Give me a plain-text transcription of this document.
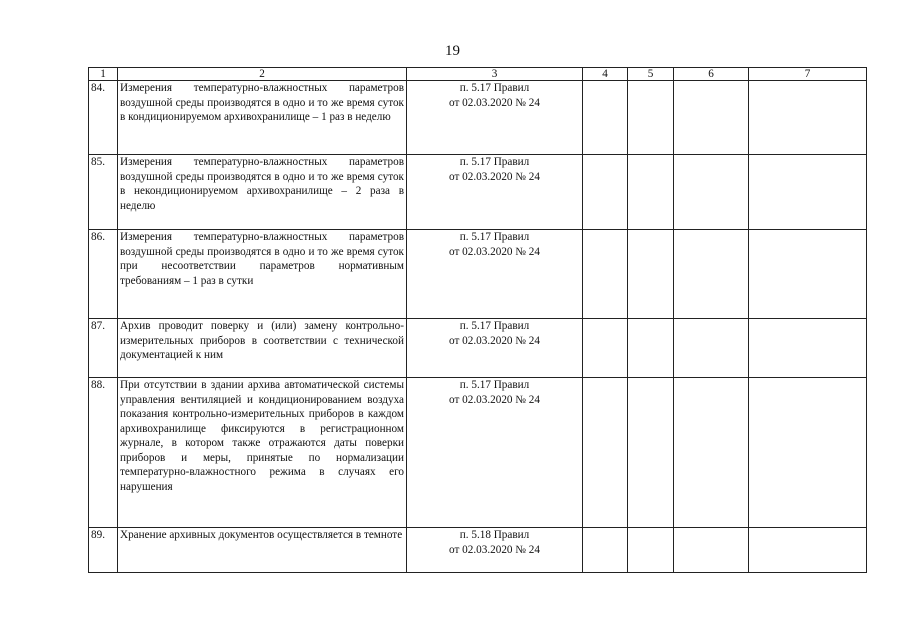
19
1	2	3	4	5	6	7
84.	Измерения температурно-влажностных параметров воздушной среды производятся в одно и то же время суток в кондиционируемом архивохранилище – 1 раз в неделю	п. 5.17 Правил
от 02.03.2020 № 24				

85.	Измерения температурно-влажностных параметров воздушной среды производятся в одно и то же время суток в некондиционируемом архивохранилище – 2 раза в неделю	п. 5.17 Правил
от 02.03.2020 № 24				

86.	Измерения температурно-влажностных параметров воздушной среды производятся в одно и то же время суток при несоответствии параметров нормативным требованиям – 1 раз в сутки	п. 5.17 Правил
от 02.03.2020 № 24				

87.	Архив проводит поверку и (или) замену контрольно-измерительных приборов в соответствии с технической документацией к ним	п. 5.17 Правил
от 02.03.2020 № 24				

88.	При отсутствии в здании архива автоматической системы управления вентиляцией и кондиционированием воздуха показания контрольно-измерительных приборов в каждом архивохранилище фиксируются в регистрационном журнале, в котором также отражаются даты поверки приборов и меры, принятые по нормализации температурно-влажностного режима в случаях его нарушения	п. 5.17 Правил
от 02.03.2020 № 24				

89.	Хранение архивных документов осуществляется в темноте	п. 5.18 Правил
от 02.03.2020 № 24				
